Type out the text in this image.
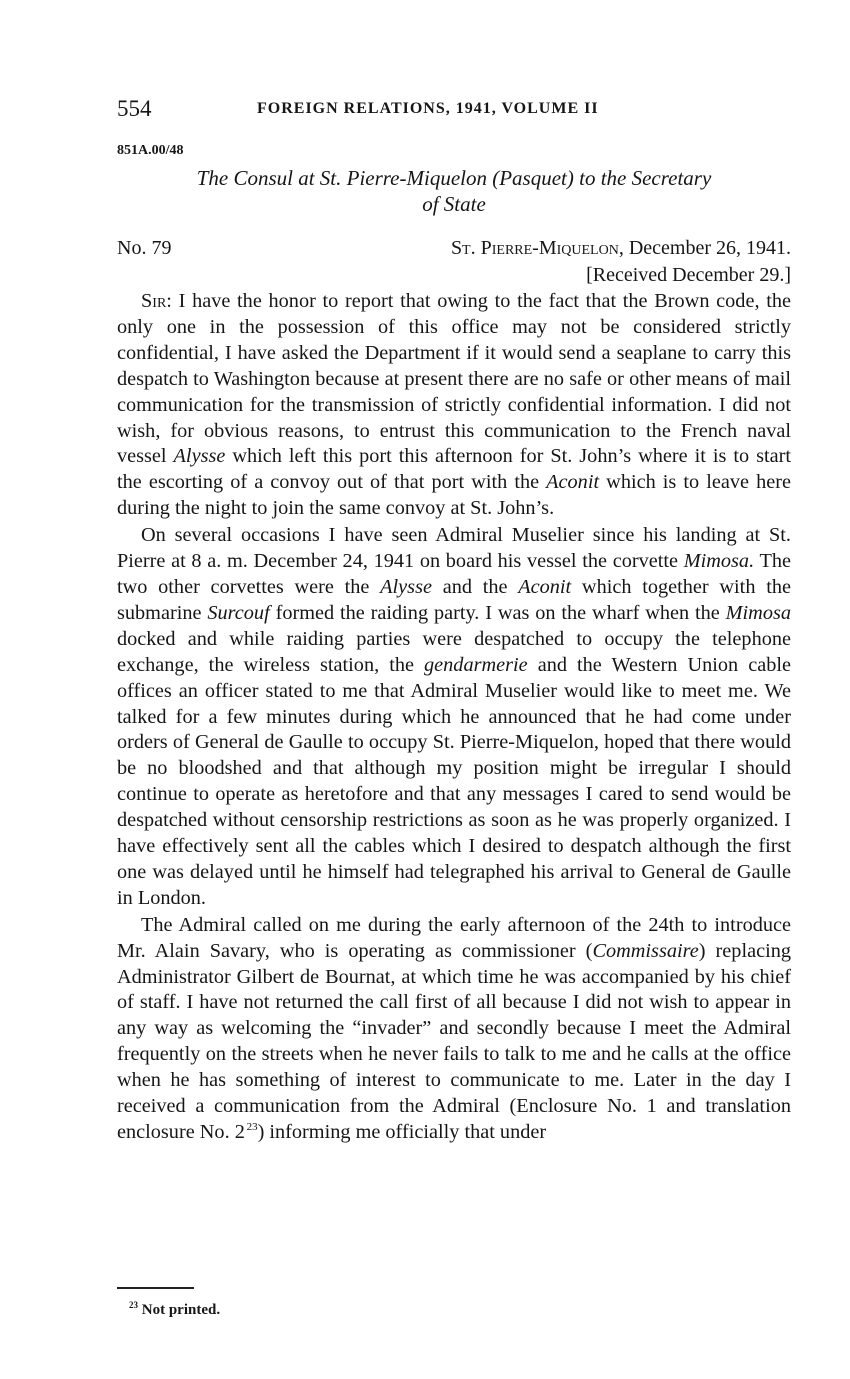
554	FOREIGN RELATIONS, 1941, VOLUME II
851A.00/48
The Consul at St. Pierre-Miquelon (Pasquet) to the Secretary
of State
No. 79	St. Pierre-Miquelon, December 26, 1941.
[Received December 29.]

Sir: I have the honor to report that owing to the fact that the Brown code, the only one in the possession of this office may not be considered strictly confidential, I have asked the Department if it would send a seaplane to carry this despatch to Washington because at present there are no safe or other means of mail communication for the transmission of strictly confidential information. I did not wish, for obvious reasons, to entrust this communication to the French naval vessel Alysse which left this port this afternoon for St. John’s where it is to start the escorting of a convoy out of that port with the Aconit which is to leave here during the night to join the same convoy at St. John’s.

On several occasions I have seen Admiral Muselier since his landing at St. Pierre at 8 a. m. December 24, 1941 on board his vessel the corvette Mimosa. The two other corvettes were the Alysse and the Aconit which together with the submarine Surcouf formed the raiding party. I was on the wharf when the Mimosa docked and while raiding parties were despatched to occupy the telephone exchange, the wireless station, the gendarmerie and the Western Union cable offices an officer stated to me that Admiral Muselier would like to meet me. We talked for a few minutes during which he announced that he had come under orders of General de Gaulle to occupy St. Pierre-Miquelon, hoped that there would be no bloodshed and that although my position might be irregular I should continue to operate as heretofore and that any messages I cared to send would be despatched without censorship restrictions as soon as he was properly organized. I have effectively sent all the cables which I desired to despatch although the first one was delayed until he himself had telegraphed his arrival to General de Gaulle in London.

The Admiral called on me during the early afternoon of the 24th to introduce Mr. Alain Savary, who is operating as commissioner (Commissaire) replacing Administrator Gilbert de Bournat, at which time he was accompanied by his chief of staff. I have not returned the call first of all because I did not wish to appear in any way as welcoming the “invader” and secondly because I meet the Admiral frequently on the streets when he never fails to talk to me and he calls at the office when he has something of interest to communicate to me. Later in the day I received a communication from the Admiral (Enclosure No. 1 and translation enclosure No. 2  $^{23}$) informing me officially that under

$^{23}$ Not printed.
